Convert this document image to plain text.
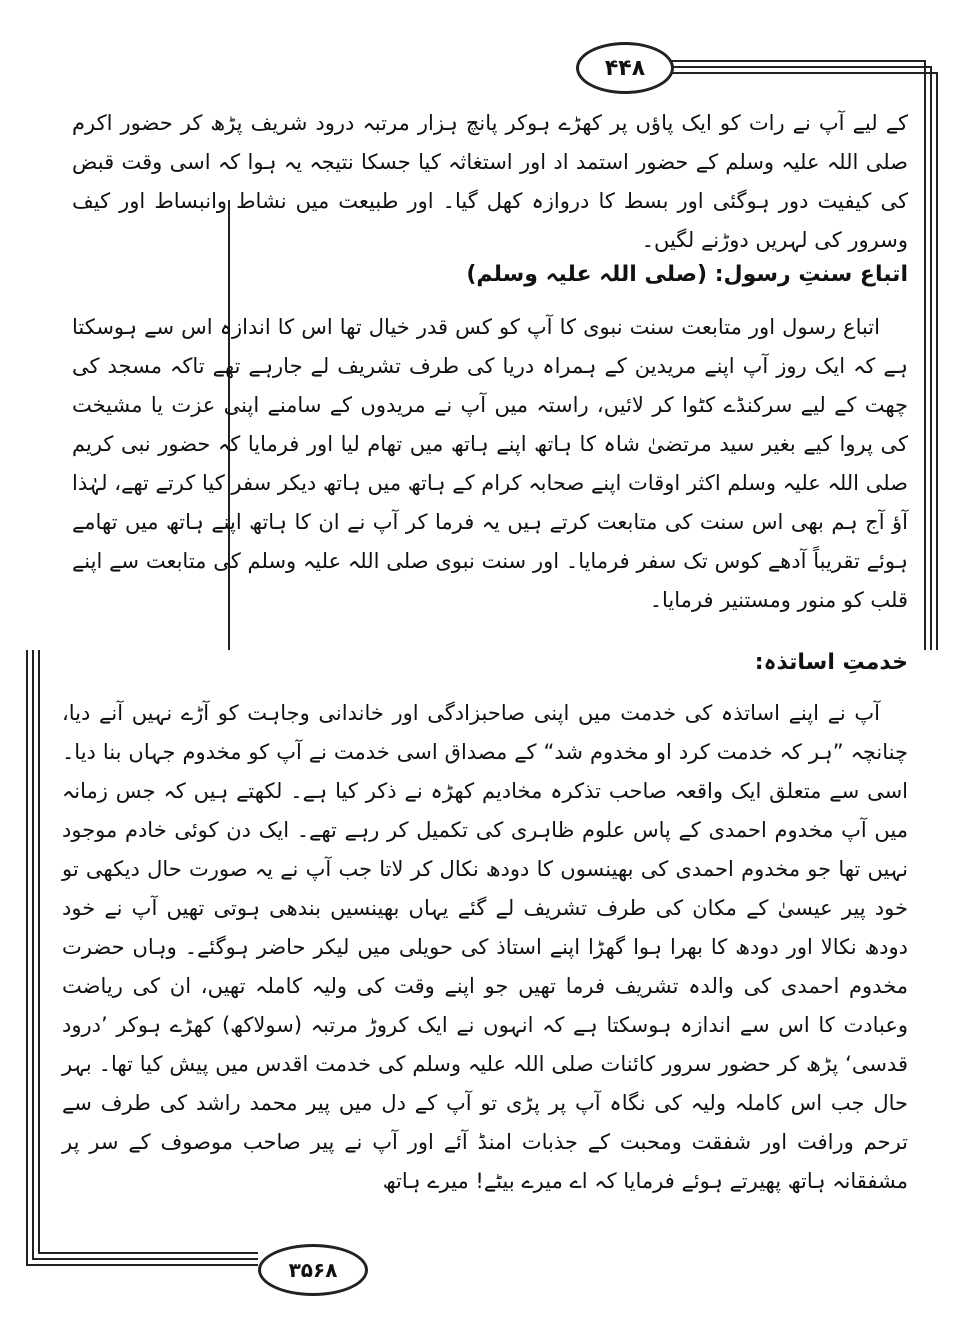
۴۴۸
۳۵۶۸

کے لیے آپ نے رات کو ایک پاؤں پر کھڑے ہوکر پانچ ہزار مرتبہ درود شریف پڑھ کر حضور اکرم صلی اللہ علیہ وسلم کے حضور استمد اد اور استغاثہ کیا جسکا نتیجہ یہ ہوا کہ اسی وقت قبض کی کیفیت دور ہوگئی اور بسط کا دروازہ کھل گیا۔ اور طبیعت میں نشاط وانبساط اور کیف وسرور کی لہریں دوڑنے لگیں۔

اتباع سنتِ رسول: (صلی اللہ علیہ وسلم)

اتباع رسول اور متابعت سنت نبوی کا آپ کو کس قدر خیال تھا اس کا اندازہ اس سے ہوسکتا ہے کہ ایک روز آپ اپنے مریدین کے ہمراہ دریا کی طرف تشریف لے جارہے تھے تاکہ مسجد کی چھت کے لیے سرکنڈے کٹوا کر لائیں، راستہ میں آپ نے مریدوں کے سامنے اپنی عزت یا مشیخت کی پروا کیے بغیر سید مرتضیٰ شاہ کا ہاتھ اپنے ہاتھ میں تھام لیا اور فرمایا کہ حضور نبی کریم صلی اللہ علیہ وسلم اکثر اوقات اپنے صحابہ کرام کے ہاتھ میں ہاتھ دیکر سفر کیا کرتے تھے، لہٰذا آؤ آج ہم بھی اس سنت کی متابعت کرتے ہیں یہ فرما کر آپ نے ان کا ہاتھ اپنے ہاتھ میں تھامے ہوئے تقریباً آدھے کوس تک سفر فرمایا۔ اور سنت نبوی صلی اللہ علیہ وسلم کی متابعت سے اپنے قلب کو منور ومستنیر فرمایا۔

خدمتِ اساتذہ:

آپ نے اپنے اساتذہ کی خدمت میں اپنی صاحبزادگی اور خاندانی وجاہت کو آڑے نہیں آنے دیا، چنانچہ ”ہر کہ خدمت کرد او مخدوم شد“ کے مصداق اسی خدمت نے آپ کو مخدوم جہاں بنا دیا۔ اسی سے متعلق ایک واقعہ صاحب تذکرہ مخادیم کھڑہ نے ذکر کیا ہے۔ لکھتے ہیں کہ جس زمانہ میں آپ مخدوم احمدی کے پاس علوم ظاہری کی تکمیل کر رہے تھے۔ ایک دن کوئی خادم موجود نہیں تھا جو مخدوم احمدی کی بھینسوں کا دودھ نکال کر لاتا جب آپ نے یہ صورت حال دیکھی تو خود پیر عیسیٰ کے مکان کی طرف تشریف لے گئے یہاں بھینسیں بندھی ہوتی تھیں آپ نے خود دودھ نکالا اور دودھ کا بھرا ہوا گھڑا اپنے استاذ کی حویلی میں لیکر حاضر ہوگئے۔ وہاں حضرت مخدوم احمدی کی والدہ تشریف فرما تھیں جو اپنے وقت کی ولیہ کاملہ تھیں، ان کی ریاضت وعبادت کا اس سے اندازہ ہوسکتا ہے کہ انہوں نے ایک کروڑ مرتبہ (سولاکھ) کھڑے ہوکر ’درود قدسی‘ پڑھ کر حضور سرور کائنات صلی اللہ علیہ وسلم کی خدمت اقدس میں پیش کیا تھا۔ بہر حال جب اس کاملہ ولیہ کی نگاہ آپ پر پڑی تو آپ کے دل میں پیر محمد راشد کی طرف سے ترحم ورافت اور شفقت ومحبت کے جذبات امنڈ آئے اور آپ نے پیر صاحب موصوف کے سر پر مشفقانہ ہاتھ پھیرتے ہوئے فرمایا کہ اے میرے بیٹے! میرے ہاتھ
